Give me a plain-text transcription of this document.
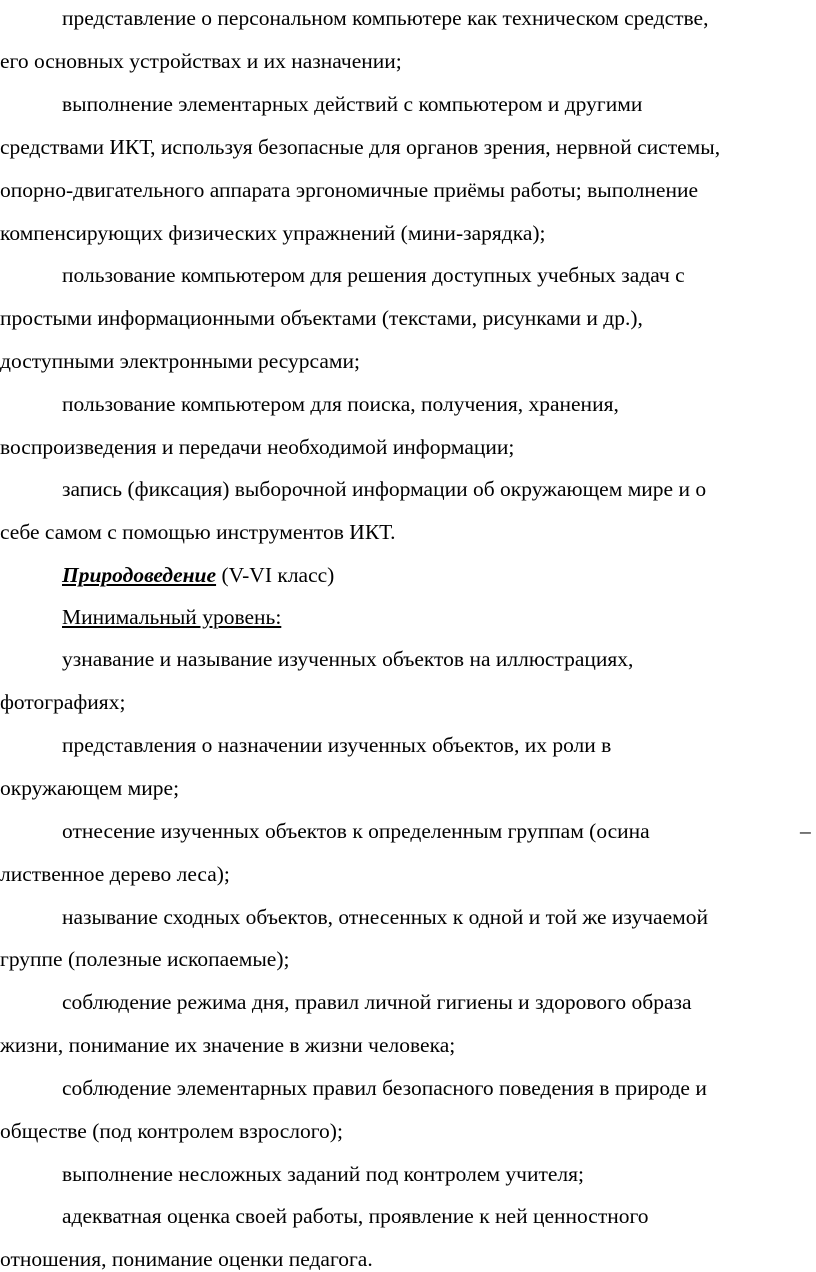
представление о персональном компьютере как техническом средстве,
его основных устройствах и их назначении;
выполнение элементарных действий с компьютером и другими
средствами ИКТ, используя безопасные для органов зрения, нервной системы,
опорно-двигательного аппарата эргономичные приёмы работы; выполнение
компенсирующих физических упражнений (мини-зарядка);
пользование компьютером для решения доступных учебных задач с
простыми информационными объектами (текстами, рисунками и др.),
доступными электронными ресурсами;
пользование компьютером для поиска, получения, хранения,
воспроизведения и передачи необходимой информации;
запись (фиксация) выборочной информации об окружающем мире и о
себе самом с помощью инструментов ИКТ.
Природоведение (V-VI класс)
Минимальный уровень:
узнавание и называние изученных объектов на иллюстрациях,
фотографиях;
представления о назначении изученных объектов, их роли в
окружающем мире;
отнесение изученных объектов к определенным группам (осина	–
лиственное дерево леса);
называние сходных объектов, отнесенных к одной и той же изучаемой
группе (полезные ископаемые);
соблюдение режима дня, правил личной гигиены и здорового образа
жизни, понимание их значение в жизни человека;
соблюдение элементарных правил безопасного поведения в природе и
обществе (под контролем взрослого);
выполнение несложных заданий под контролем учителя;
адекватная оценка своей работы, проявление к ней ценностного
отношения, понимание оценки педагога.
